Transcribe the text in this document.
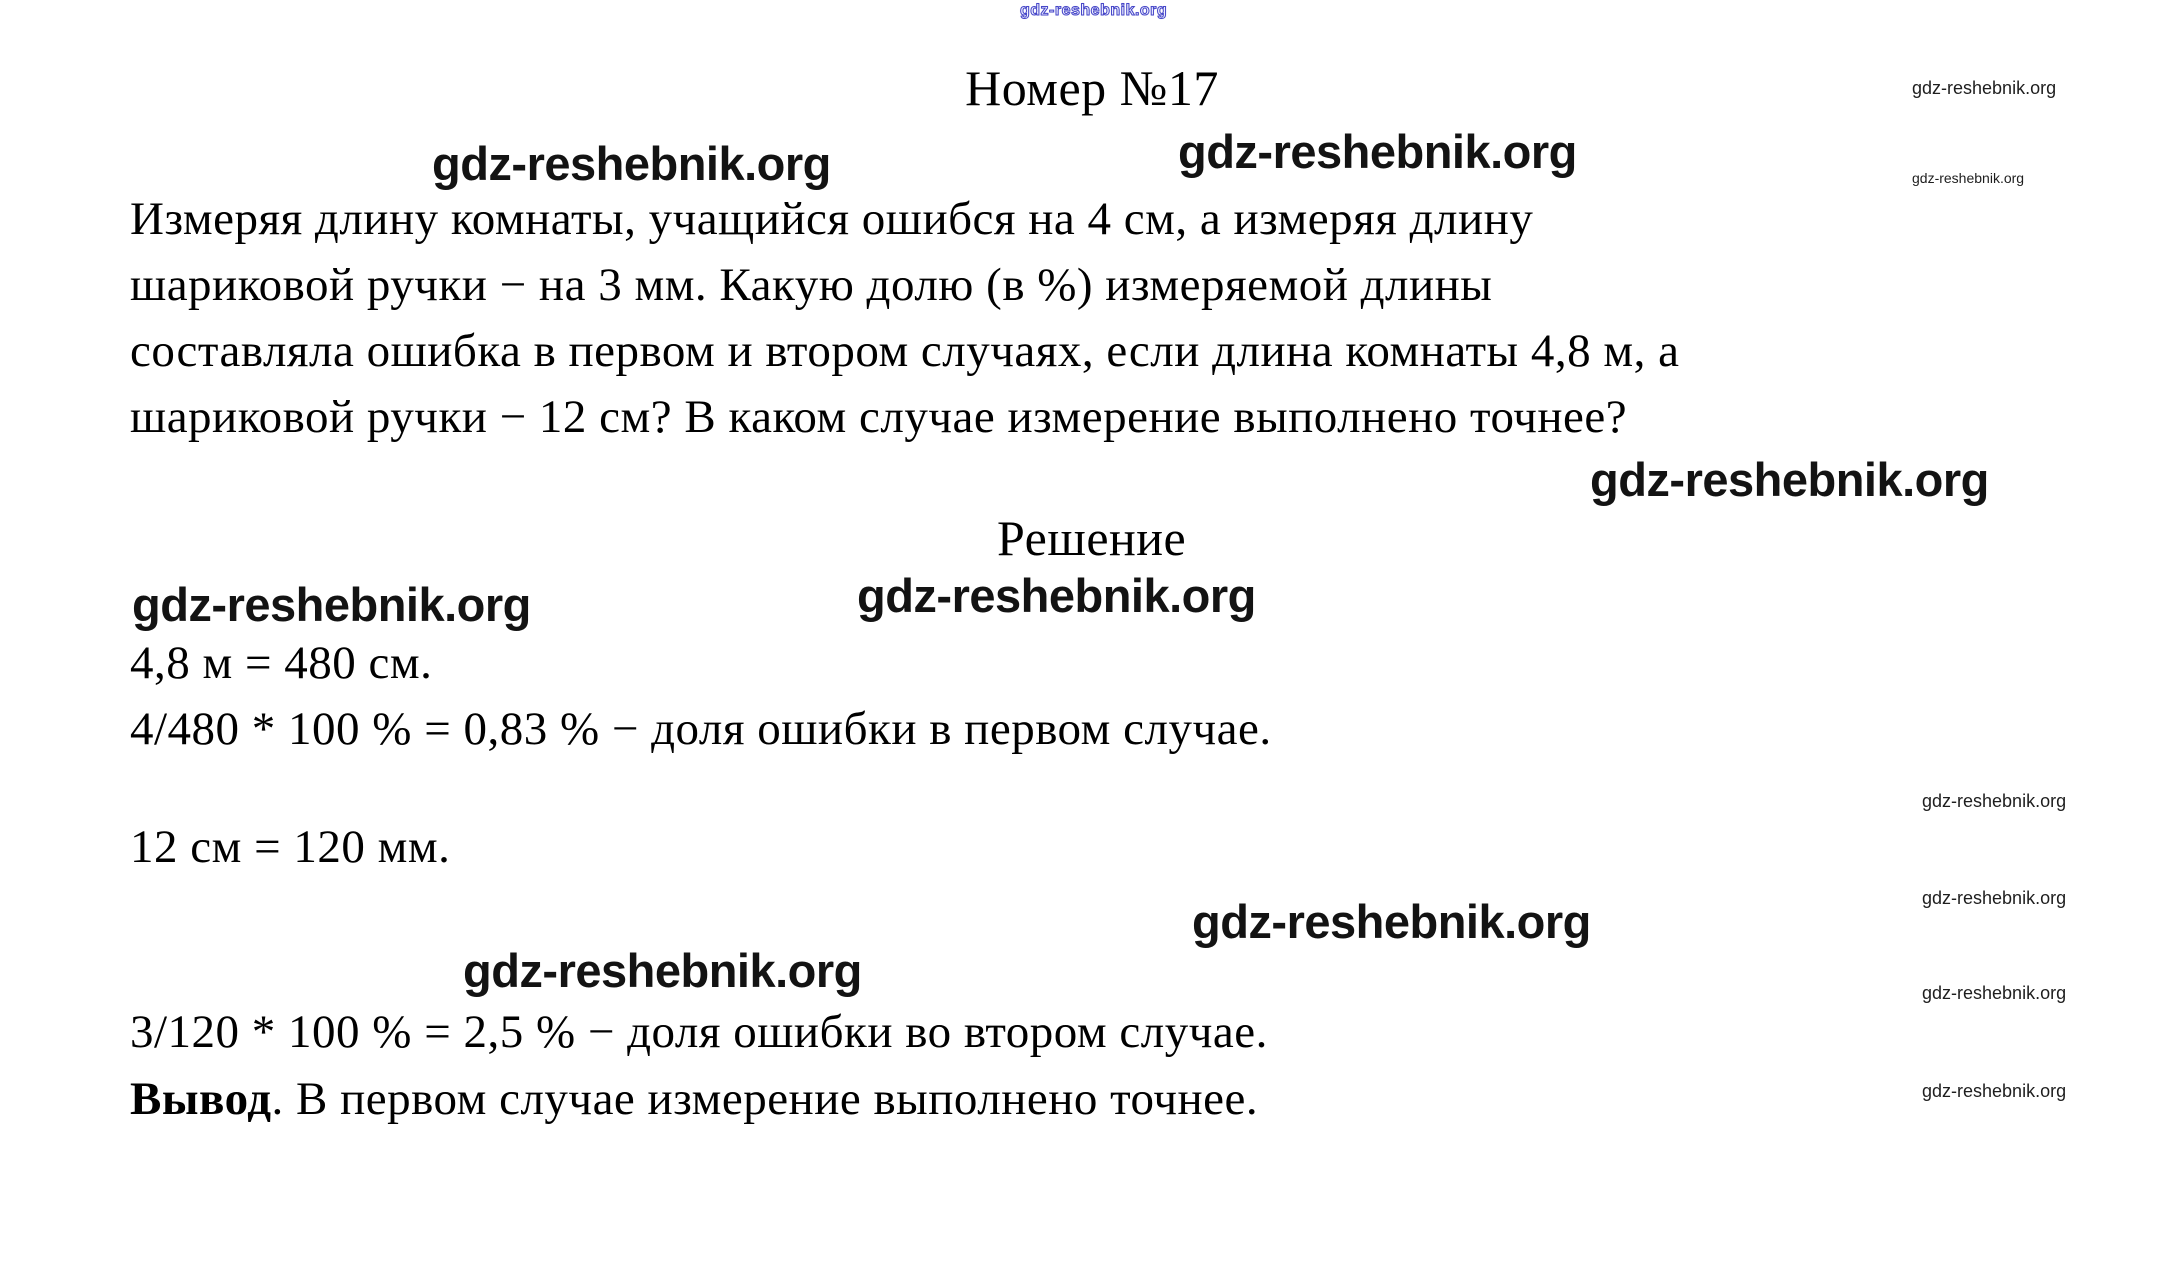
gdz-reshebnik.org
Номер №17	gdz-reshebnik.org
gdz-reshebnik.org
gdz-reshebnik.org	gdz-reshebnik.org
Измеряя длину комнаты, учащийся ошибся на 4 см, а измеряя длину
шариковой ручки − на 3 мм. Какую долю (в %) измеряемой длины
составляла ошибка в первом и втором случаях, если длина комнаты 4,8 м, а
шариковой ручки − 12 см? В каком случае измерение выполнено точнее?
gdz-reshebnik.org
Решение
gdz-reshebnik.org
gdz-reshebnik.org
4,8 м = 480 см.
4/480 * 100 % = 0,83 % − доля ошибки в первом случае.
12 см = 120 мм.
gdz-reshebnik.org
gdz-reshebnik.org
3/120 * 100 % = 2,5 % − доля ошибки во втором случае.
Вывод. В первом случае измерение выполнено точнее.
gdz-reshebnik.org
gdz-reshebnik.org
gdz-reshebnik.org
gdz-reshebnik.org
